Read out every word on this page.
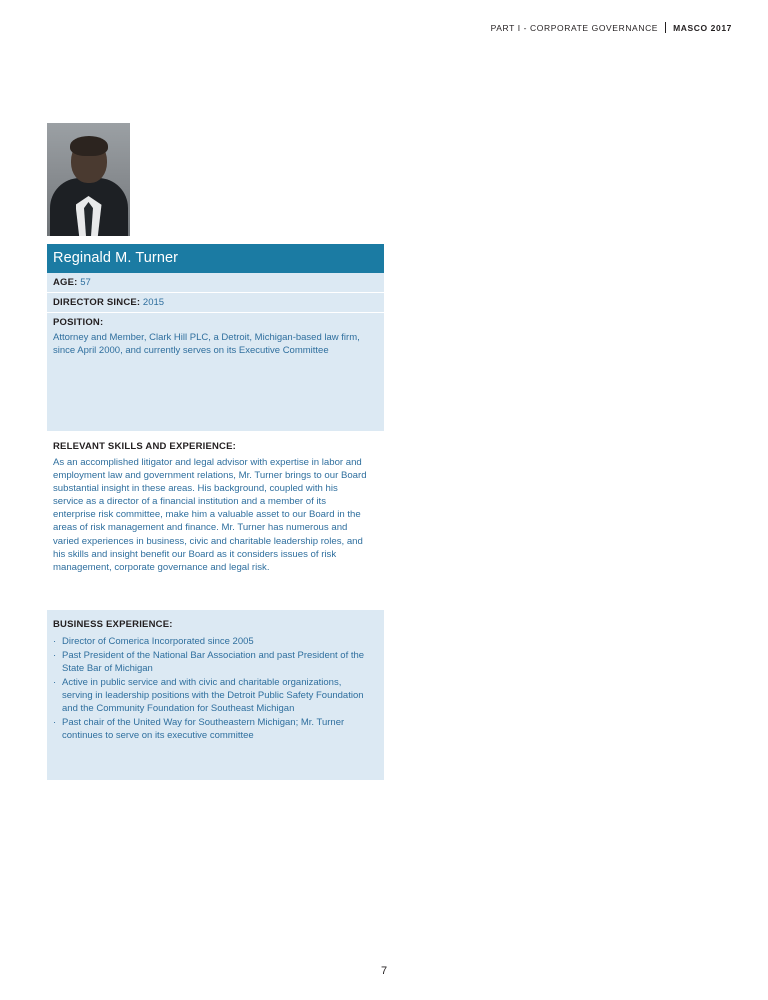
PART I - CORPORATE GOVERNANCE MASCO 2017
Reginald M. Turner
AGE: 57
DIRECTOR SINCE: 2015
POSITION:
Attorney and Member, Clark Hill PLC, a Detroit, Michigan-based law firm, since April 2000, and currently serves on its Executive Committee
RELEVANT SKILLS AND EXPERIENCE:
As an accomplished litigator and legal advisor with expertise in labor and employment law and government relations, Mr. Turner brings to our Board substantial insight in these areas. His background, coupled with his service as a director of a financial institution and a member of its enterprise risk committee, make him a valuable asset to our Board in the areas of risk management and finance. Mr. Turner has numerous and varied experiences in business, civic and charitable leadership roles, and his skills and insight benefit our Board as it considers issues of risk management, corporate governance and legal risk.
BUSINESS EXPERIENCE:
· Director of Comerica Incorporated since 2005
· Past President of the National Bar Association and past President of the State Bar of Michigan
· Active in public service and with civic and charitable organizations, serving in leadership positions with the Detroit Public Safety Foundation and the Community Foundation for Southeast Michigan
· Past chair of the United Way for Southeastern Michigan; Mr. Turner continues to serve on its executive committee
7
